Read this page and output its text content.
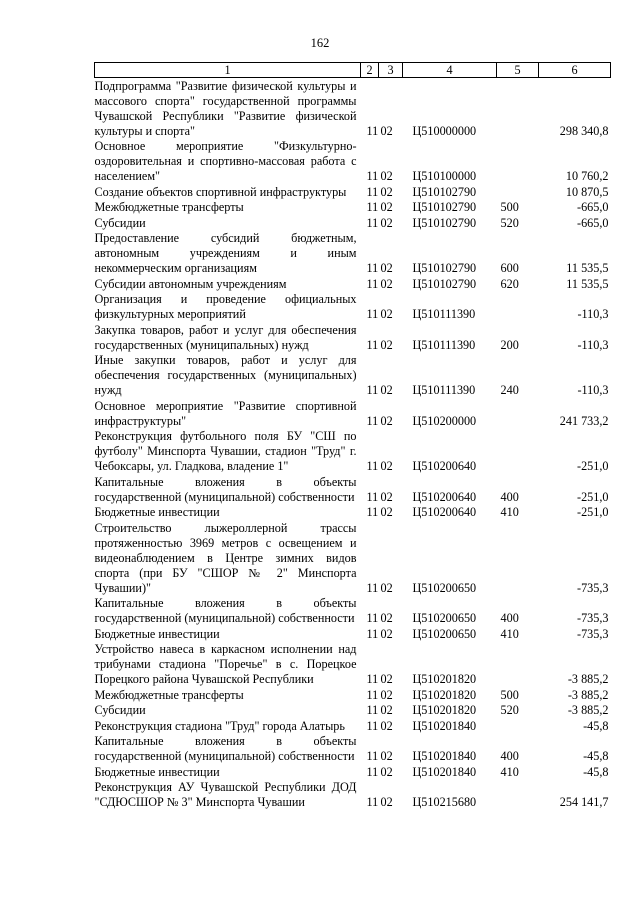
162
1	2	3	4	5	6
Подпрограмма "Развитие физической культуры и массового спорта" государственной программы Чувашской Республики "Развитие физической культуры и спорта"	11	02	Ц510000000		298 340,8
Основное мероприятие "Физкультурно-оздоровительная и спортивно-массовая работа с населением"	11	02	Ц510100000		10 760,2
Создание объектов спортивной инфраструктуры	11	02	Ц510102790		10 870,5
Межбюджетные трансферты	11	02	Ц510102790	500	-665,0
Субсидии	11	02	Ц510102790	520	-665,0
Предоставление субсидий бюджетным, автономным учреждениям и иным некоммерческим организациям	11	02	Ц510102790	600	11 535,5
Субсидии автономным учреждениям	11	02	Ц510102790	620	11 535,5
Организация и проведение официальных физкультурных мероприятий	11	02	Ц510111390		-110,3
Закупка товаров, работ и услуг для обеспечения государственных (муниципальных) нужд	11	02	Ц510111390	200	-110,3
Иные закупки товаров, работ и услуг для обеспечения государственных (муниципальных) нужд	11	02	Ц510111390	240	-110,3
Основное мероприятие "Развитие спортивной инфраструктуры"	11	02	Ц510200000		241 733,2
Реконструкция футбольного поля БУ "СШ по футболу" Минспорта Чувашии, стадион "Труд" г. Чебоксары, ул. Гладкова, владение 1"	11	02	Ц510200640		-251,0
Капитальные вложения в объекты государственной (муниципальной) собственности	11	02	Ц510200640	400	-251,0
Бюджетные инвестиции	11	02	Ц510200640	410	-251,0
Строительство лыжероллерной трассы протяженностью 3969 метров с освещением и видеонаблюдением в Центре зимних видов спорта (при БУ "СШОР № 2" Минспорта Чувашии)"	11	02	Ц510200650		-735,3
Капитальные вложения в объекты государственной (муниципальной) собственности	11	02	Ц510200650	400	-735,3
Бюджетные инвестиции	11	02	Ц510200650	410	-735,3
Устройство навеса в каркасном исполнении над трибунами стадиона "Поречье" в с. Порецкое Порецкого района Чувашской Республики	11	02	Ц510201820		-3 885,2
Межбюджетные трансферты	11	02	Ц510201820	500	-3 885,2
Субсидии	11	02	Ц510201820	520	-3 885,2
Реконструкция стадиона "Труд" города Алатырь	11	02	Ц510201840		-45,8
Капитальные вложения в объекты государственной (муниципальной) собственности	11	02	Ц510201840	400	-45,8
Бюджетные инвестиции	11	02	Ц510201840	410	-45,8
Реконструкция АУ Чувашской Республики ДОД "СДЮСШОР № 3" Минспорта Чувашии	11	02	Ц510215680		254 141,7
